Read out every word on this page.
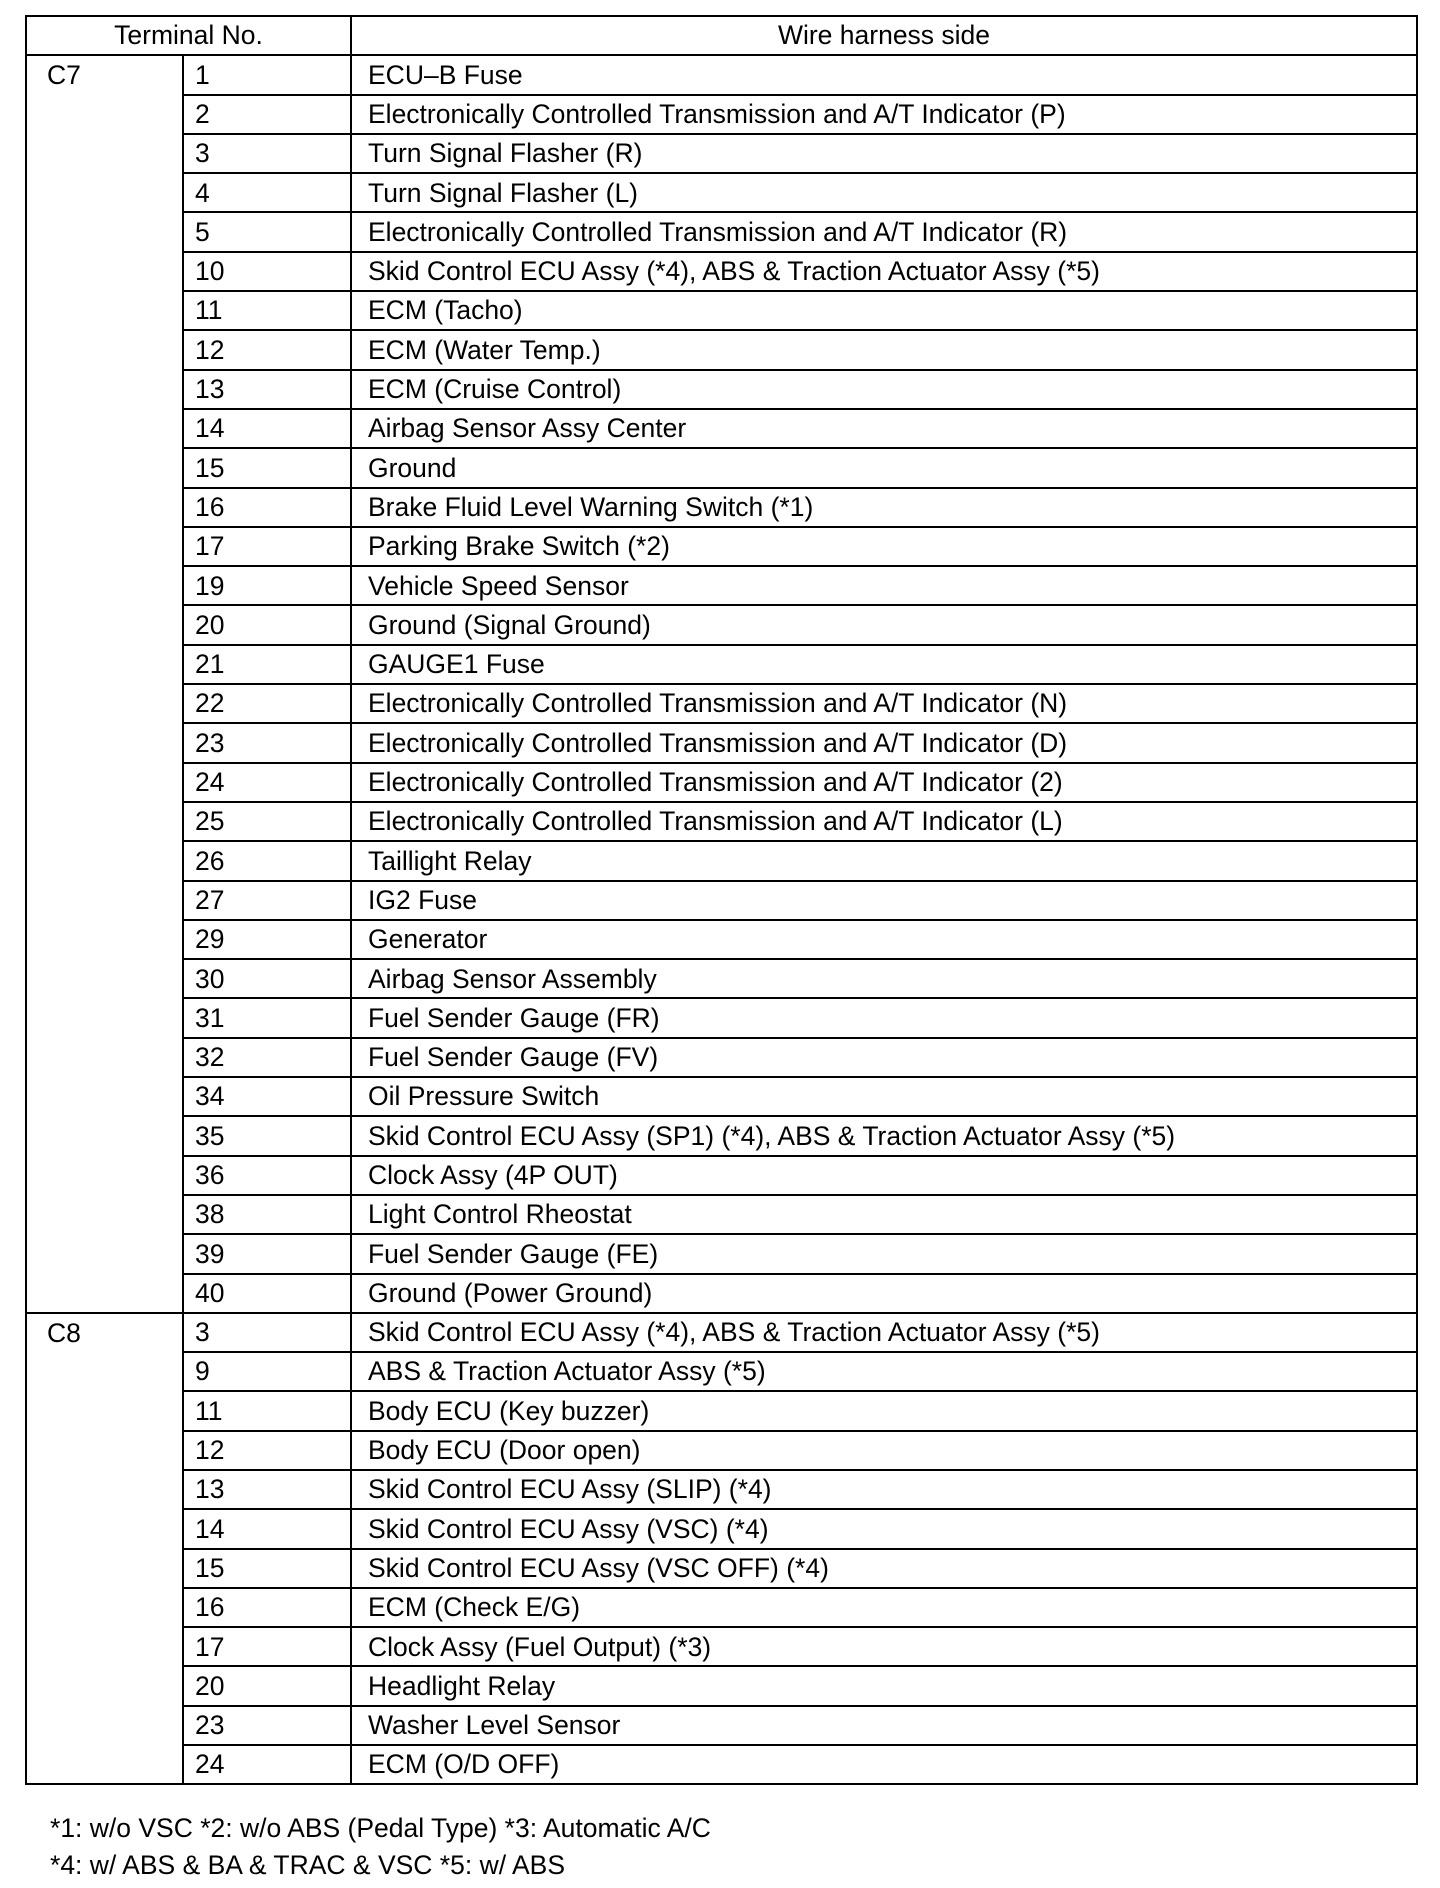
Terminal No.		Wire harness side
C7	1	ECU–B Fuse
	2	Electronically Controlled Transmission and A/T Indicator (P)
	3	Turn Signal Flasher (R)
	4	Turn Signal Flasher (L)
	5	Electronically Controlled Transmission and A/T Indicator (R)
	10	Skid Control ECU Assy (*4), ABS & Traction Actuator Assy (*5)
	11	ECM (Tacho)
	12	ECM (Water Temp.)
	13	ECM (Cruise Control)
	14	Airbag Sensor Assy Center
	15	Ground
	16	Brake Fluid Level Warning Switch (*1)
	17	Parking Brake Switch (*2)
	19	Vehicle Speed Sensor
	20	Ground (Signal Ground)
	21	GAUGE1 Fuse
	22	Electronically Controlled Transmission and A/T Indicator (N)
	23	Electronically Controlled Transmission and A/T Indicator (D)
	24	Electronically Controlled Transmission and A/T Indicator (2)
	25	Electronically Controlled Transmission and A/T Indicator (L)
	26	Taillight Relay
	27	IG2 Fuse
	29	Generator
	30	Airbag Sensor Assembly
	31	Fuel Sender Gauge (FR)
	32	Fuel Sender Gauge (FV)
	34	Oil Pressure Switch
	35	Skid Control ECU Assy (SP1) (*4), ABS & Traction Actuator Assy (*5)
	36	Clock Assy (4P OUT)
	38	Light Control Rheostat
	39	Fuel Sender Gauge (FE)
	40	Ground (Power Ground)
C8	3	Skid Control ECU Assy (*4), ABS & Traction Actuator Assy (*5)
	9	ABS & Traction Actuator Assy (*5)
	11	Body ECU (Key buzzer)
	12	Body ECU (Door open)
	13	Skid Control ECU Assy (SLIP) (*4)
	14	Skid Control ECU Assy (VSC) (*4)
	15	Skid Control ECU Assy (VSC OFF) (*4)
	16	ECM (Check E/G)
	17	Clock Assy (Fuel Output) (*3)
	20	Headlight Relay
	23	Washer Level Sensor
	24	ECM (O/D OFF)
*1: w/o VSC *2: w/o ABS (Pedal Type) *3: Automatic A/C
*4: w/ ABS & BA & TRAC & VSC *5: w/ ABS
